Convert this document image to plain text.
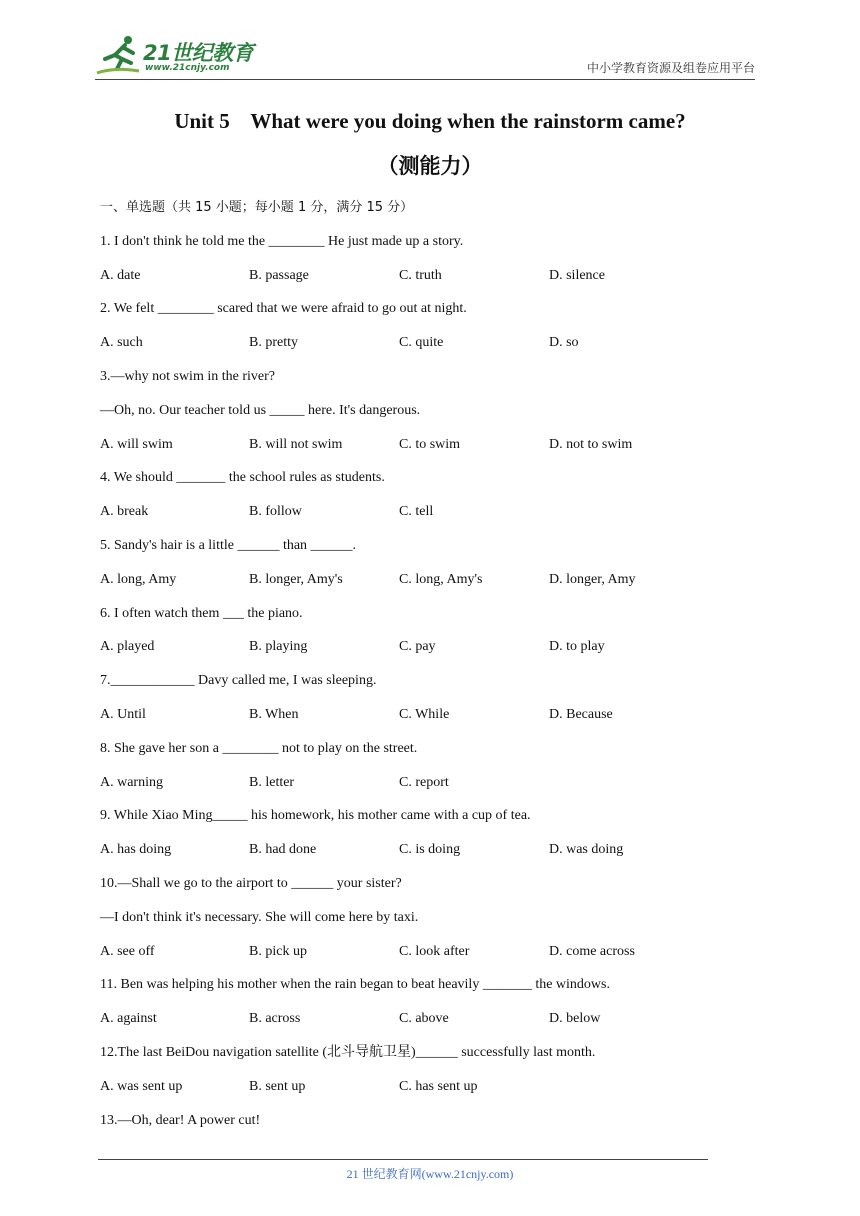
21世纪教育
www.21cnjy.com	中小学教育资源及组卷应用平台
Unit 5    What were you doing when the rainstorm came?
（测能力）
一、单选题（共 15 小题；每小题 1 分，满分 15 分）
1. I don't think he told me the ________ He just made up a story.
A. date	B. passage	C. truth	D. silence
2. We felt ________ scared that we were afraid to go out at night.
A. such	B. pretty	C. quite	D. so
3.—why not swim in the river?
—Oh, no. Our teacher told us _____ here. It's dangerous.
A. will swim	B. will not swim	C. to swim	D. not to swim
4. We should _______ the school rules as students.
A. break	B. follow	C. tell
5. Sandy's hair is a little ______ than ______.
A. long, Amy	B. longer, Amy's	C. long, Amy's	D. longer, Amy
6. I often watch them ___ the piano.
A. played	B. playing	C. pay	D. to play
7.____________ Davy called me, I was sleeping.
A. Until	B. When	C. While	D. Because
8. She gave her son a ________ not to play on the street.
A. warning	B. letter	C. report
9. While Xiao Ming_____ his homework, his mother came with a cup of tea.
A. has doing	B. had done	C. is doing	D. was doing
10.—Shall we go to the airport to ______ your sister?
—I don't think it's necessary. She will come here by taxi.
A. see off	B. pick up	C. look after	D. come across
11. Ben was helping his mother when the rain began to beat heavily _______ the windows.
A. against	B. across	C. above	D. below
12.The last BeiDou navigation satellite (北斗导航卫星)______ successfully last month.
A. was sent up	B. sent up	C. has sent up
13.—Oh, dear! A power cut!
21 世纪教育网(www.21cnjy.com)
